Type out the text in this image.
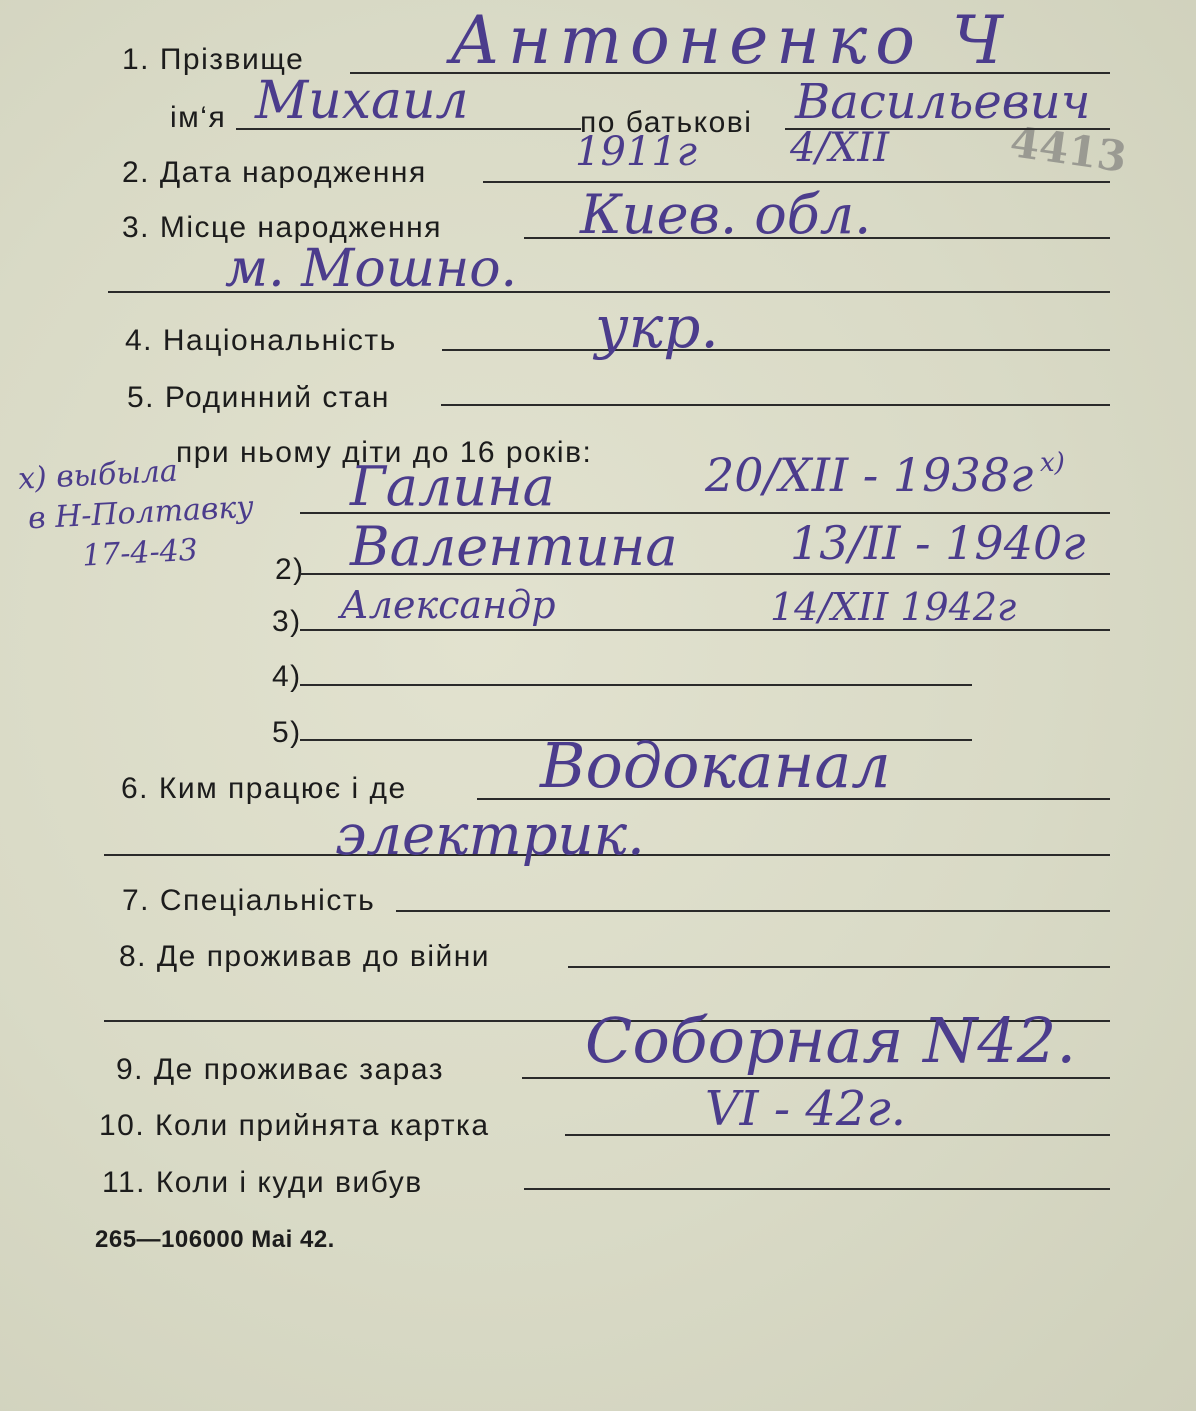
4413
1. Прізвище Антоненко Ч
ім‘я Михаил	по батькові Васильевич
2. Дата народження	1911г 4/XII
3. Місце народження	Киев. обл.
м. Мошно.
4. Національність	укр.
5. Родинний стан
при ньому діти до 16 років:
Галина	20/XII - 1938г x)
2) Валентина 13/II - 1940г
3) Александр	14/XII 1942г
4)
5)
x) выбыла
в Н-Полтавку
17-4-43
6. Ким працює і де Водоканал
электрик.
7. Спеціальність
8. Де проживав до війни
9. Де проживає зараз Соборная N42.
10. Коли прийнята картка	VI - 42г.
11. Коли і куди вибув
265—106000 Mai 42.
